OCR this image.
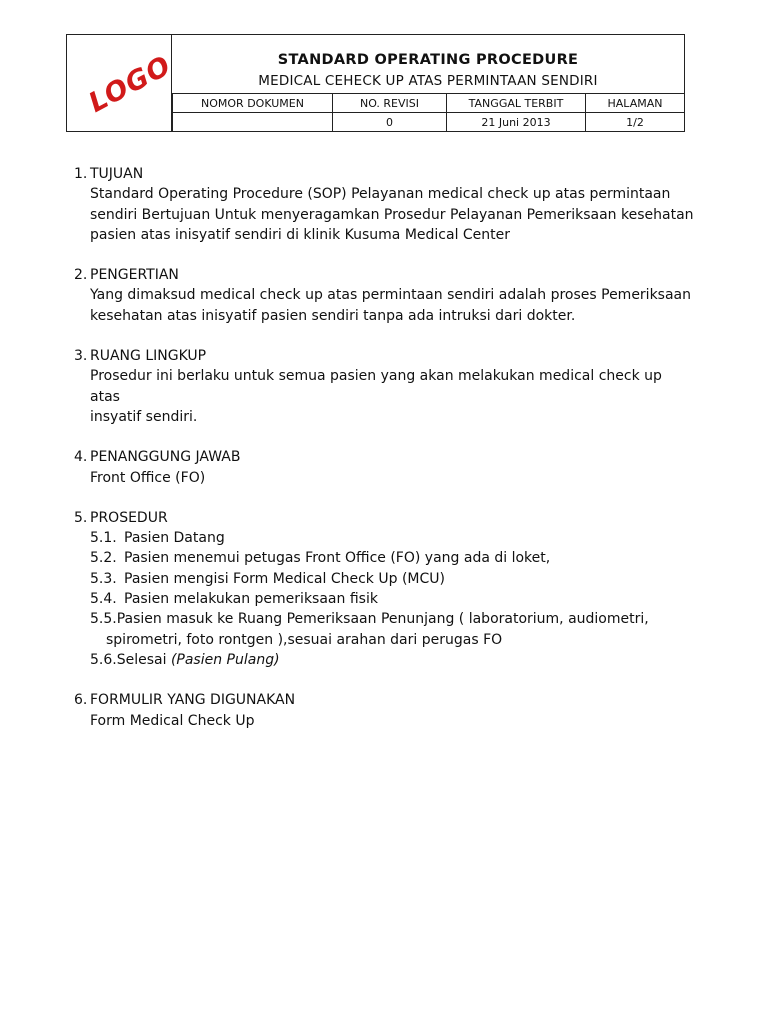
LOGO	STANDARD OPERATING PROCEDURE
MEDICAL CEHECK UP ATAS PERMINTAAN SENDIRI
NOMOR DOKUMEN	NO. REVISI	TANGGAL TERBIT	HALAMAN
	0	21 Juni 2013	1/2
1. TUJUAN
Standard Operating Procedure (SOP) Pelayanan medical check up atas permintaan
sendiri Bertujuan Untuk menyeragamkan Prosedur Pelayanan Pemeriksaan kesehatan
pasien atas inisyatif sendiri di klinik Kusuma Medical Center
2. PENGERTIAN
Yang dimaksud medical check up atas permintaan sendiri adalah proses Pemeriksaan
kesehatan atas inisyatif pasien sendiri tanpa ada intruksi dari dokter.
3. RUANG LINGKUP
Prosedur ini berlaku untuk semua pasien yang akan melakukan medical check up atas
insyatif sendiri.
4. PENANGGUNG JAWAB
Front Office (FO)
5. PROSEDUR
5.1. Pasien Datang
5.2. Pasien menemui petugas Front Office (FO) yang ada di loket,
5.3. Pasien mengisi Form Medical Check Up (MCU)
5.4. Pasien melakukan pemeriksaan fisik
5.5.Pasien masuk ke Ruang Pemeriksaan Penunjang ( laboratorium, audiometri,
spirometri, foto rontgen ),sesuai arahan dari perugas FO
5.6.Selesai (Pasien Pulang)
6. FORMULIR YANG DIGUNAKAN
Form Medical Check Up
